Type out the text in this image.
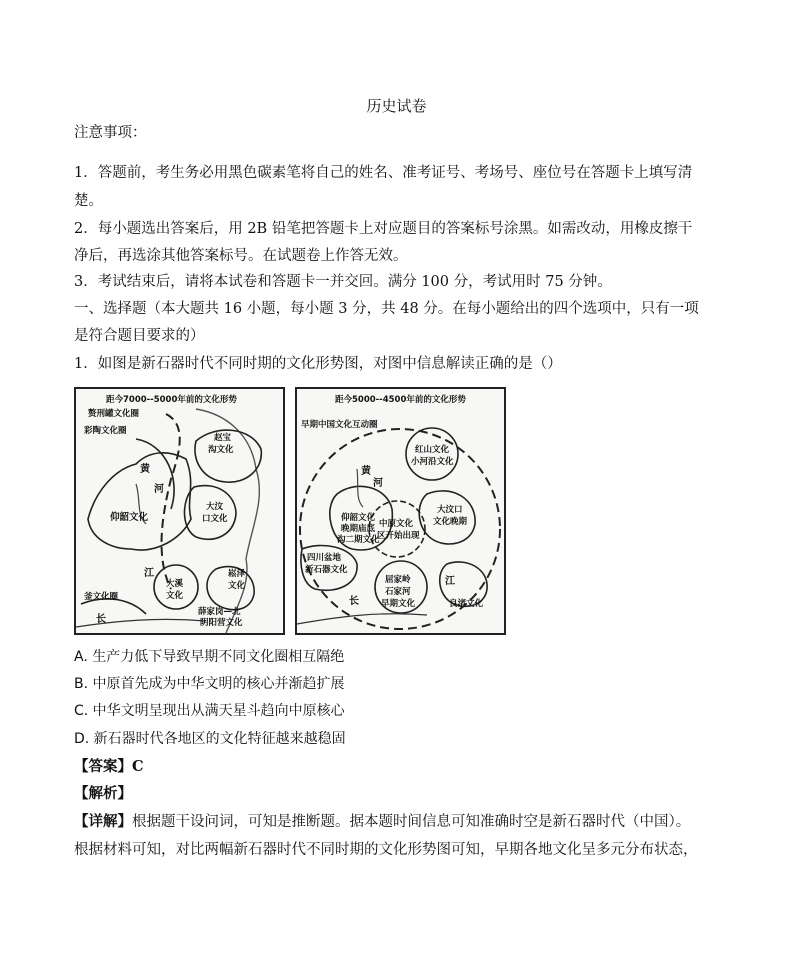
历史试卷
注意事项：
1．答题前，考生务必用黑色碳素笔将自己的姓名、准考证号、考场号、座位号在答题卡上填写清
楚。
2．每小题选出答案后，用 2B 铅笔把答题卡上对应题目的答案标号涂黑。如需改动，用橡皮擦干
净后，再选涂其他答案标号。在试题卷上作答无效。
3．考试结束后，请将本试卷和答题卡一并交回。满分 100 分，考试用时 75 分钟。
一、选择题（本大题共 16 小题，每小题 3 分，共 48 分。在每小题给出的四个选项中，只有一项
是符合题目要求的）
1．如图是新石器时代不同时期的文化形势图，对图中信息解读正确的是（）
距今7000--5000年前的文化形势
赘刑罐文化圈
彩陶文化圈
赵宝
沟文化
黄
河
仰韶文化
大汶
口文化
江
大溪
文化
崧泽
文化
釜文化圈
薛家岗—北
阴阳营文化
长
距今5000--4500年前的文化形势
早期中国文化互动圈
红山文化
小河沿文化
黄
河
仰韶文化
晚期庙底
沟二期文化
中原文化
区开始出现
大汶口
文化晚期
四川盆地
新石器文化
江
屈家岭
石家河
早期文化	良渚文化
长
A. 生产力低下导致早期不同文化圈相互隔绝
B. 中原首先成为中华文明的核心并渐趋扩展
C. 中华文明呈现出从满天星斗趋向中原核心
D. 新石器时代各地区的文化特征越来越稳固
【答案】C
【解析】
【详解】根据题干设问词，可知是推断题。据本题时间信息可知准确时空是新石器时代（中国）。
根据材料可知，对比两幅新石器时代不同时期的文化形势图可知，早期各地文化呈多元分布状态，
